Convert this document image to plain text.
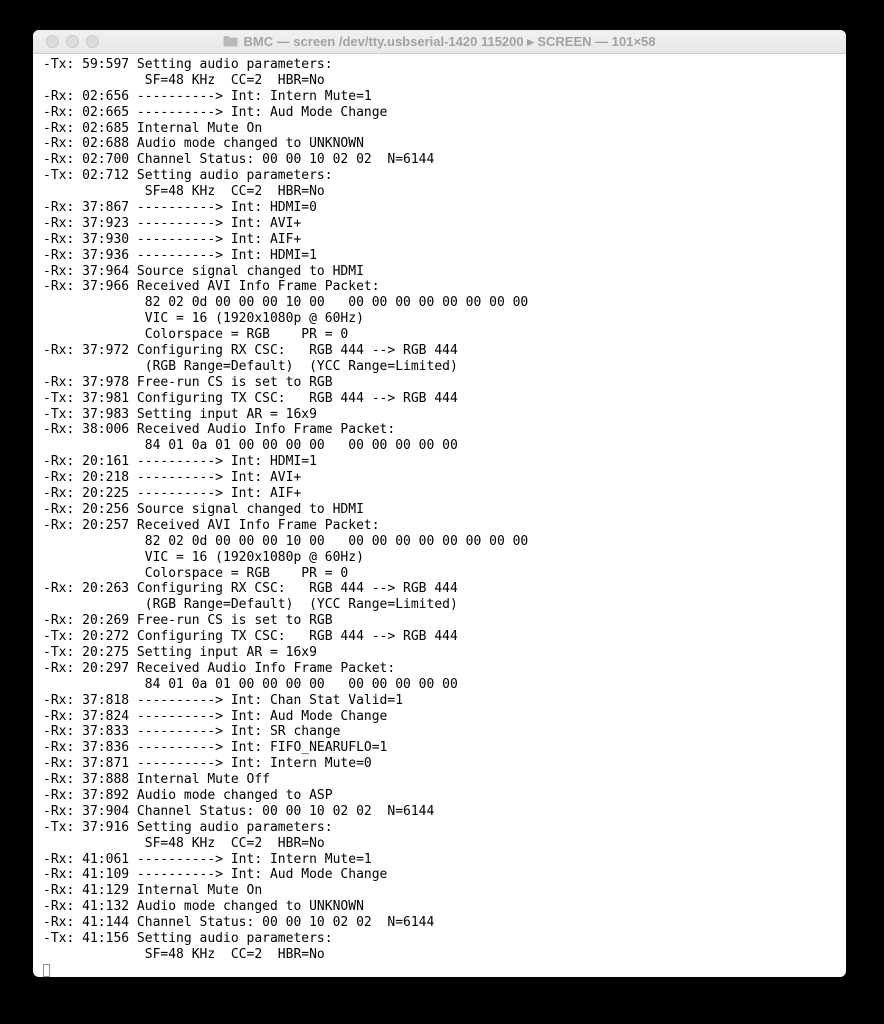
BMC — screen /dev/tty.usbserial-1420 115200 ▸ SCREEN — 101×58
-Tx: 59:597 Setting audio parameters:
SF=48 KHz  CC=2  HBR=No
-Rx: 02:656 ----------> Int: Intern Mute=1
-Rx: 02:665 ----------> Int: Aud Mode Change
-Rx: 02:685 Internal Mute On
-Rx: 02:688 Audio mode changed to UNKNOWN
-Rx: 02:700 Channel Status: 00 00 10 02 02  N=6144
-Tx: 02:712 Setting audio parameters:
SF=48 KHz  CC=2  HBR=No
-Rx: 37:867 ----------> Int: HDMI=0
-Rx: 37:923 ----------> Int: AVI+
-Rx: 37:930 ----------> Int: AIF+
-Rx: 37:936 ----------> Int: HDMI=1
-Rx: 37:964 Source signal changed to HDMI
-Rx: 37:966 Received AVI Info Frame Packet:
82 02 0d 00 00 00 10 00   00 00 00 00 00 00 00 00
VIC = 16 (1920x1080p @ 60Hz)
Colorspace = RGB    PR = 0
-Rx: 37:972 Configuring RX CSC:   RGB 444 --> RGB 444
(RGB Range=Default)  (YCC Range=Limited)
-Rx: 37:978 Free-run CS is set to RGB
-Tx: 37:981 Configuring TX CSC:   RGB 444 --> RGB 444
-Tx: 37:983 Setting input AR = 16x9
-Rx: 38:006 Received Audio Info Frame Packet:
84 01 0a 01 00 00 00 00   00 00 00 00 00
-Rx: 20:161 ----------> Int: HDMI=1
-Rx: 20:218 ----------> Int: AVI+
-Rx: 20:225 ----------> Int: AIF+
-Rx: 20:256 Source signal changed to HDMI
-Rx: 20:257 Received AVI Info Frame Packet:
82 02 0d 00 00 00 10 00   00 00 00 00 00 00 00 00
VIC = 16 (1920x1080p @ 60Hz)
Colorspace = RGB    PR = 0
-Rx: 20:263 Configuring RX CSC:   RGB 444 --> RGB 444
(RGB Range=Default)  (YCC Range=Limited)
-Rx: 20:269 Free-run CS is set to RGB
-Tx: 20:272 Configuring TX CSC:   RGB 444 --> RGB 444
-Tx: 20:275 Setting input AR = 16x9
-Rx: 20:297 Received Audio Info Frame Packet:
84 01 0a 01 00 00 00 00   00 00 00 00 00
-Rx: 37:818 ----------> Int: Chan Stat Valid=1
-Rx: 37:824 ----------> Int: Aud Mode Change
-Rx: 37:833 ----------> Int: SR change
-Rx: 37:836 ----------> Int: FIFO_NEARUFLO=1
-Rx: 37:871 ----------> Int: Intern Mute=0
-Rx: 37:888 Internal Mute Off
-Rx: 37:892 Audio mode changed to ASP
-Rx: 37:904 Channel Status: 00 00 10 02 02  N=6144
-Tx: 37:916 Setting audio parameters:
SF=48 KHz  CC=2  HBR=No
-Rx: 41:061 ----------> Int: Intern Mute=1
-Rx: 41:109 ----------> Int: Aud Mode Change
-Rx: 41:129 Internal Mute On
-Rx: 41:132 Audio mode changed to UNKNOWN
-Rx: 41:144 Channel Status: 00 00 10 02 02  N=6144
-Tx: 41:156 Setting audio parameters:
SF=48 KHz  CC=2  HBR=No
